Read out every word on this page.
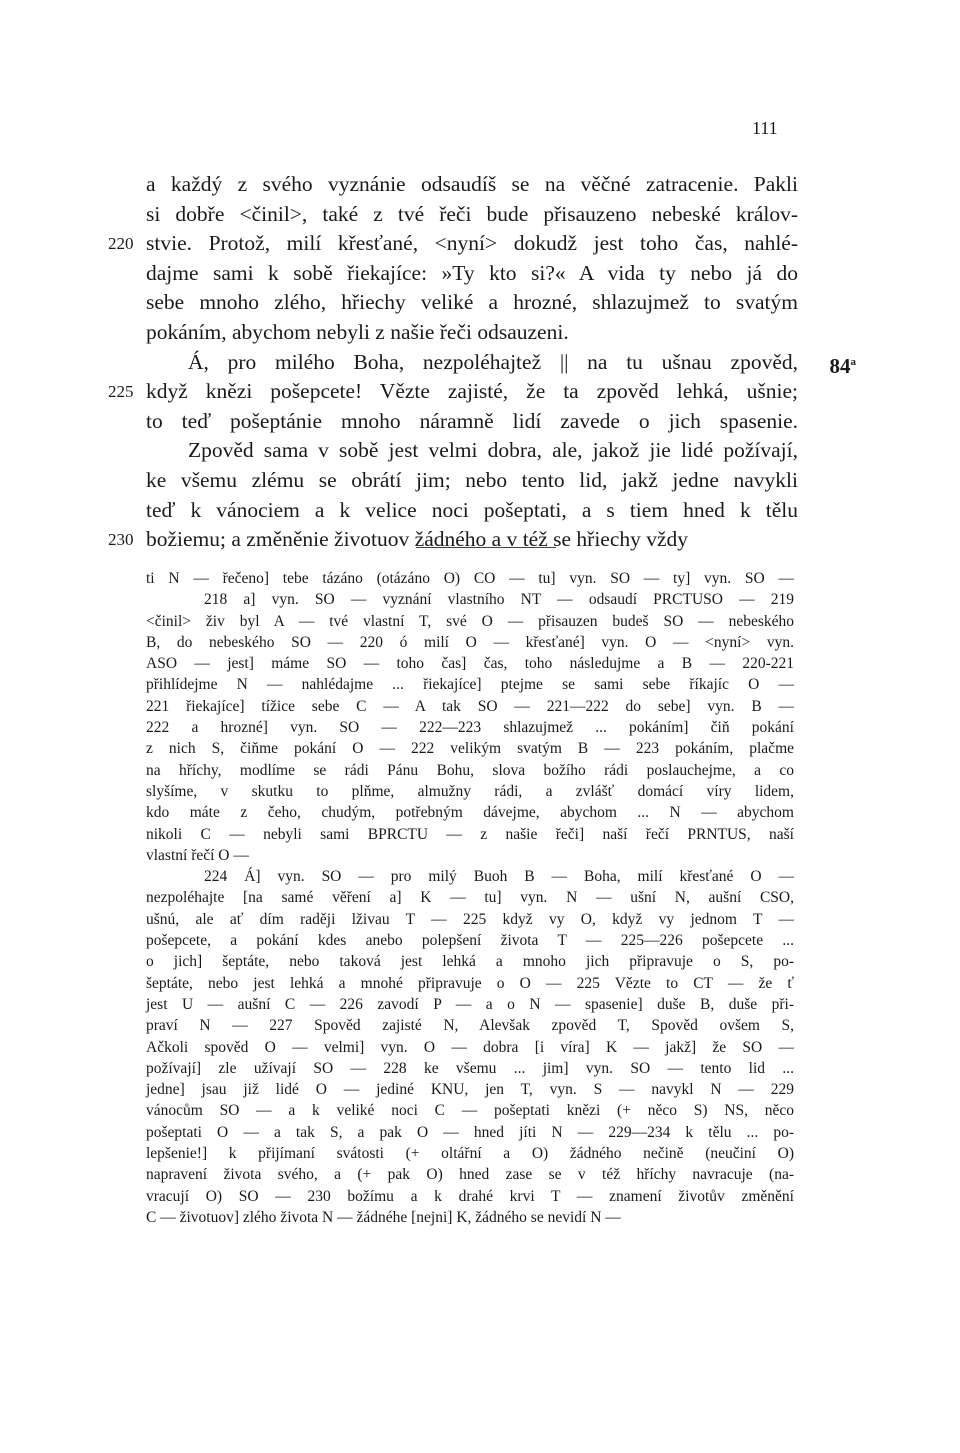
111
a každý z svého vyznánie odsaudíš se na věčné zatracenie. Pakli
si dobře <činil>, také z tvé řeči bude přisauzeno nebeské králov-
220 stvie. Protož, milí křesťané, <nyní> dokudž jest toho čas, nahlé-
dajme sami k sobě řiekajíce: »Ty kto si?« A vida ty nebo já do
sebe mnoho zlého, hřiechy veliké a hrozné, shlazujmež to svatým
pokáním, abychom nebyli z našie řeči odsauzeni.
Á, pro milého Boha, nezpoléhajtež || na tu ušnau zpověd, 84$^a$
225 když knězi pošepcete! Vězte zajisté, že ta zpověd lehká, ušnie;
to teď pošeptánie mnoho náramně lidí zavede o jich spasenie.
Zpověd sama v sobě jest velmi dobra, ale, jakož jie lidé požívají,
ke všemu zlému se obrátí jim; nebo tento lid, jakž jedne navykli
teď k vánociem a k velice noci pošeptati, a s tiem hned k tělu
230 božiemu; a změněnie životuov žádného a v též se hřiechy vždy
ti N — řečeno] tebe tázáno (otázáno O) CO — tu] vyn. SO — ty] vyn. SO —
218 a] vyn. SO — vyznání vlastního NT — odsaudí PRCTUSO — 219
<činil> živ byl A — tvé vlastní T, své O — přisauzen budeš SO — nebeského
B, do nebeského SO — 220 ó milí O — křesťané] vyn. O — <nyní> vyn.
ASO — jest] máme SO — toho čas] čas, toho následujme a B — 220-221
přihlídejme N — nahlédajme ... řiekajíce] ptejme se sami sebe říkajíc O —
221 řiekajíce] tížice sebe C — A tak SO — 221—222 do sebe] vyn. B —
222 a hrozné] vyn. SO — 222—223 shlazujmež ... pokáním] čiň pokání
z nich S, čiňme pokání O — 222 velikým svatým B — 223 pokáním, plačme
na hříchy, modlíme se rádi Pánu Bohu, slova božího rádi poslauchejme, a co
slyšíme, v skutku to plňme, almužny rádi, a zvlášť domácí víry lidem,
kdo máte z čeho, chudým, potřebným dávejme, abychom ... N — abychom
nikoli C — nebyli sami BPRCTU — z našie řeči] naší řečí PRNTUS, naší
vlastní řečí O —
224 Á] vyn. SO — pro milý Buoh B — Boha, milí křesťané O —
nezpoléhajte [na samé věření a] K — tu] vyn. N — ušní N, aušní CSO,
ušnú, ale ať dím raději lživau T — 225 když vy O, když vy jednom T —
pošepcete, a pokání kdes anebo polepšení života T — 225—226 pošepcete ...
o jich] šeptáte, nebo taková jest lehká a mnoho jich připravuje o S, po-
šeptáte, nebo jest lehká a mnohé připravuje o O — 225 Vězte to CT — že ť
jest U — aušní C — 226 zavodí P — a o N — spasenie] duše B, duše při-
praví N — 227 Spověd zajisté N, Alevšak zpověd T, Spověd ovšem S,
Ačkoli spověd O — velmi] vyn. O — dobra [i víra] K — jakž] že SO —
požívají] zle užívají SO — 228 ke všemu ... jim] vyn. SO — tento lid ...
jedne] jsau již lidé O — jediné KNU, jen T, vyn. S — navykl N — 229
vánocům SO — a k veliké noci C — pošeptati knězi (+ něco S) NS, něco
pošeptati O — a tak S, a pak O — hned jíti N — 229—234 k tělu ... po-
lepšenie!] k přijímaní svátosti (+ oltářní a O) žádného nečině (neučiní O)
napravení života svého, a (+ pak O) hned zase se v též hříchy navracuje (na-
vracují O) SO — 230 božímu a k drahé krvi T — znamení životův změnění
C — životuov] zlého života N — žádnéhe [nejni] K, žádného se nevidí N —
